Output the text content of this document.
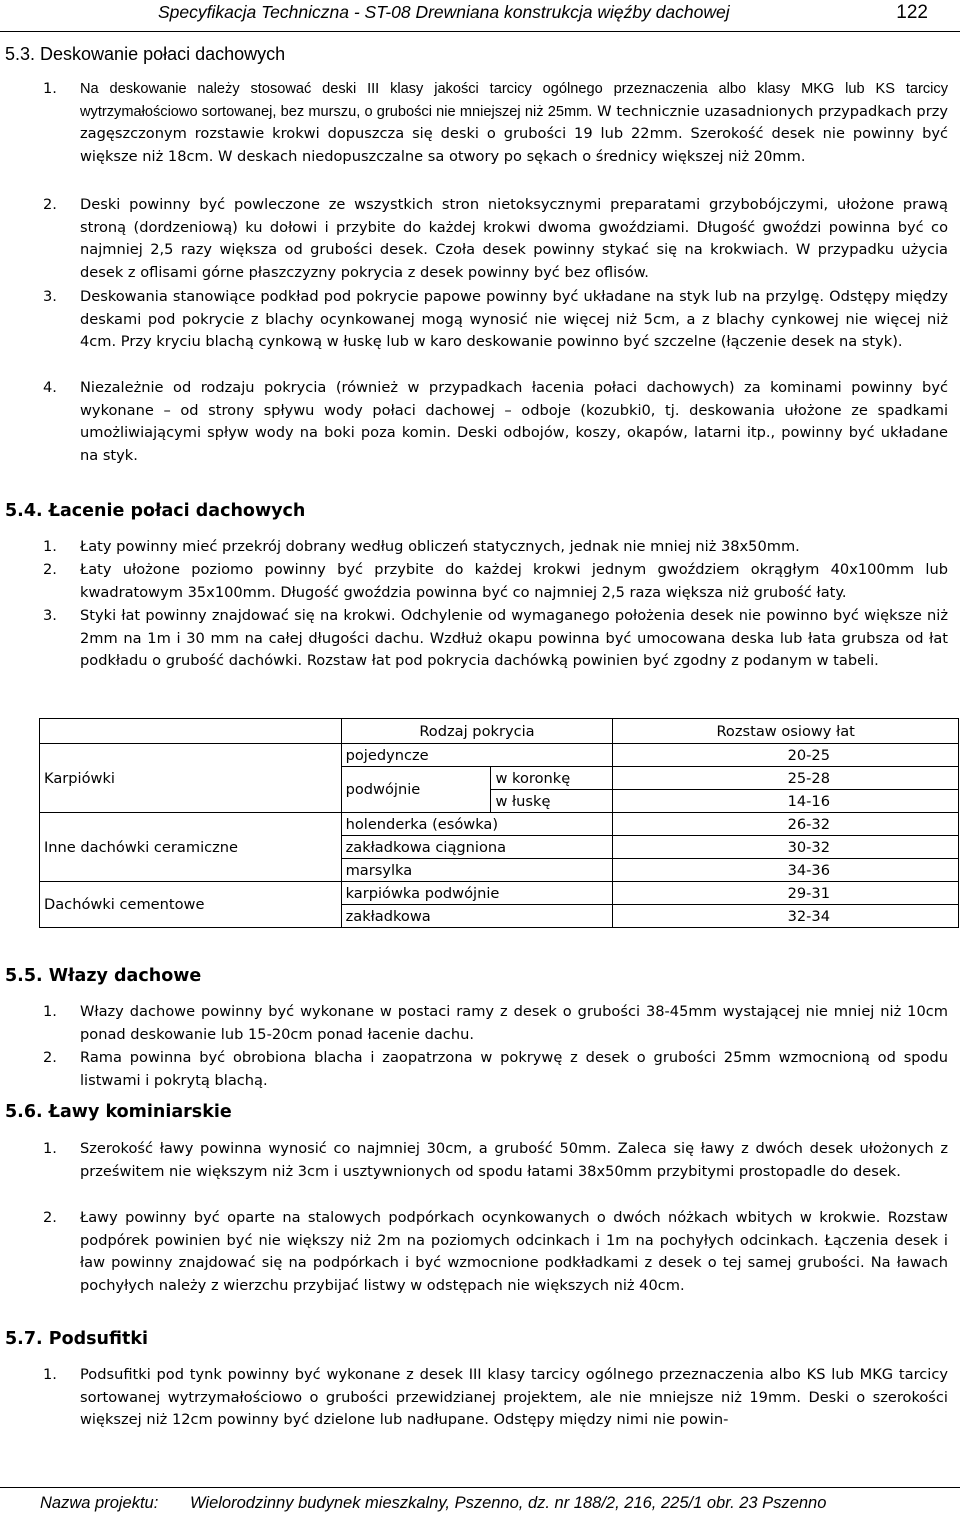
Specyfikacja Techniczna - ST-08 Drewniana konstrukcja więźby dachowej	122
5.3. Deskowanie połaci dachowych
1. Na deskowanie należy stosować deski III klasy jakości tarcicy ogólnego przeznaczenia albo klasy MKG lub KS tarcicy wytrzymałościowo sortowanej, bez murszu, o grubości nie mniejszej niż 25mm. W technicznie uzasadnionych przypadkach przy zagęszczonym rozstawie krokwi dopuszcza się deski o grubości 19 lub 22mm. Szerokość desek nie powinny być większe niż 18cm. W deskach niedopuszczalne sa otwory po sękach o średnicy większej niż 20mm.
2. Deski powinny być powleczone ze wszystkich stron nietoksycznymi preparatami grzybobójczymi, ułożone prawą stroną (dordzeniową) ku dołowi i przybite do każdej krokwi dwoma gwoździami. Długość gwoździ powinna być co najmniej 2,5 razy większa od grubości desek. Czoła desek powinny stykać się na krokwiach. W przypadku użycia desek z oflisami górne płaszczyzny pokrycia z desek powinny być bez oflisów.
3. Deskowania stanowiące podkład pod pokrycie papowe powinny być układane na styk lub na przylgę. Odstępy między deskami pod pokrycie z blachy ocynkowanej mogą wynosić nie więcej niż 5cm, a z blachy cynkowej nie więcej niż 4cm. Przy kryciu blachą cynkową w łuskę lub w karo deskowanie powinno być szczelne (łączenie desek na styk).
4. Niezależnie od rodzaju pokrycia (również w przypadkach łacenia połaci dachowych) za kominami powinny być wykonane – od strony spływu wody połaci dachowej – odboje (kozubki0, tj. deskowania ułożone ze spadkami umożliwiającymi spływ wody na boki poza komin. Deski odbojów, koszy, okapów, latarni itp., powinny być układane na styk.
5.4. Łacenie połaci dachowych
1. Łaty powinny mieć przekrój dobrany według obliczeń statycznych, jednak nie mniej niż 38x50mm.
2. Łaty ułożone poziomo powinny być przybite do każdej krokwi jednym gwoździem okrągłym 40x100mm lub kwadratowym 35x100mm. Długość gwoździa powinna być co najmniej 2,5 raza większa niż grubość łaty.
3. Styki łat powinny znajdować się na krokwi. Odchylenie od wymaganego położenia desek nie powinno być większe niż 2mm na 1m i 30 mm na całej długości dachu. Wzdłuż okapu powinna być umocowana deska lub łata grubsza od łat podkładu o grubość dachówki. Rozstaw łat pod pokrycia dachówką powinien być zgodny z podanym w tabeli.
	Rodzaj pokrycia		Rozstaw osiowy łat
Karpiówki	pojedyncze		20-25
	podwójnie	w koronkę	25-28
		w łuskę	14-16
Inne dachówki ceramiczne	holenderka (esówka)		26-32
	zakładkowa ciągniona		30-32
	marsylka		34-36
Dachówki cementowe	karpiówka podwójnie		29-31
	zakładkowa		32-34
5.5. Włazy dachowe
1. Włazy dachowe powinny być wykonane w postaci ramy z desek o grubości 38-45mm wystającej nie mniej niż 10cm ponad deskowanie lub 15-20cm ponad łacenie dachu.
2. Rama powinna być obrobiona blacha i zaopatrzona w pokrywę z desek o grubości 25mm wzmocnioną od spodu listwami i pokrytą blachą.
5.6. Ławy kominiarskie
1. Szerokość ławy powinna wynosić co najmniej 30cm, a grubość 50mm. Zaleca się ławy z dwóch desek ułożonych z prześwitem nie większym niż 3cm i usztywnionych od spodu łatami 38x50mm przybitymi prostopadle do desek.
2. Ławy powinny być oparte na stalowych podpórkach ocynkowanych o dwóch nóżkach wbitych w krokwie. Rozstaw podpórek powinien być nie większy niż 2m na poziomych odcinkach i 1m na pochyłych odcinkach. Łączenia desek i ław powinny znajdować się na podpórkach i być wzmocnione podkładkami z desek o tej samej grubości. Na ławach pochyłych należy z wierzchu przybijać listwy w odstępach nie większych niż 40cm.
5.7. Podsufitki
1. Podsufitki pod tynk powinny być wykonane z desek III klasy tarcicy ogólnego przeznaczenia albo KS lub MKG tarcicy sortowanej wytrzymałościowo o grubości przewidzianej projektem, ale nie mniejsze niż 19mm. Deski o szerokości większej niż 12cm powinny być dzielone lub nadłupane. Odstępy między nimi nie powin-
Nazwa projektu: Wielorodzinny budynek mieszkalny, Pszenno, dz. nr 188/2, 216, 225/1 obr. 23 Pszenno
